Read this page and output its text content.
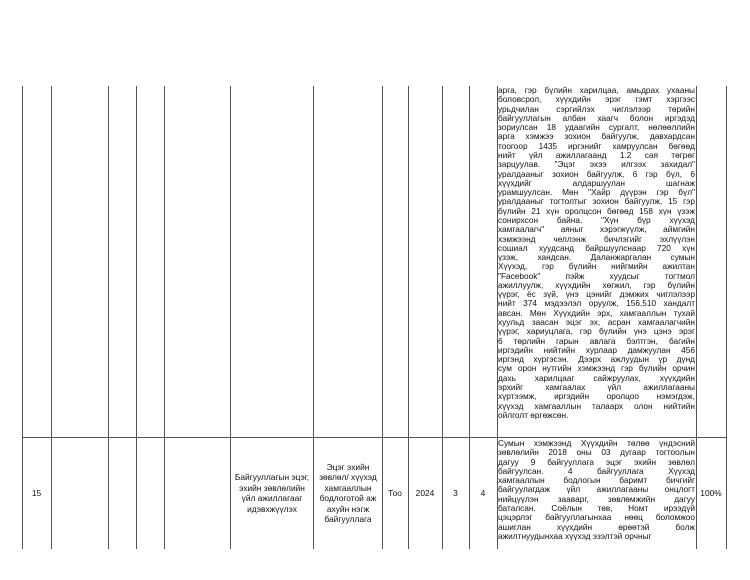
арга, гэр бүлийн харилцаа, амьдрах ухааны
боловсрол, хүүхдийн эрэг гэмт хэргээс
урьдчилан сэргийлэх чиглэлээр төрийн
байгууллагын албан хаагч болон иргэдэд
зориулсан 18 удаагийн сургалт, нөлөөллийн
арга хэмжээ зохион байгуулж, давхардсан
тоогоор 1435 иргэнийг хамруулсан бөгөөд
нийт үйл ажиллагаанд 1.2 сая төгрөг
зарцуулав. "Эцэг эхээ илгээх захидал"
уралдааныг зохион байгуулж, 6 гэр бүл, 6
хүүхдийг алдаршуулан шагнаж
урамшуулсан. Мөн "Хайр дүүрэн гэр бүл"
уралдааныг тогтолтыг зохион байгуулж, 15 гэр
бүлийн 21 хүн оролцсон бөгөөд 158 хүн үзэж
сонирхсон байна. "Хүн бүр хүүхэд
хамгаалагч" аяныг хэрэгжүүлж, аймгийн
хэмжээнд челлэнж бичлэгийг эхлүүлэн
сошиал хуудсанд байршуулснаар 720 хүн
үзэж, хандсан. Даланжаргалан сумын
Хүүхэд, гэр бүлийн нийгмийн ажилтан
"Facebook" пэйж хуудсыг тогтмол
ажиллуулж, хүүхдийн хөгжил, гэр бүлийн
үүрэг, ёс зүй, үнэ цэнийг дэмжих чиглэлээр
нийт 374 мэдээлэл оруулж, 156,510 хандалт
авсан. Мөн Хүүхдийн эрх, хамгааллын тухай
хуульд заасан эцэг эх, асран хамгаалагчийн
үүрэг, хариуцлага, гэр бүлийн үнэ цэнэ эрэг
6 төрлийн гарын авлага бэлтгэн, багийн
иргэдийн нийтийн хурлаар дамжуулан 456
иргэнд хүргэсэн. Дээрх ажлуудын үр дүнд
сум орон нутгийн хэмжээнд гэр бүлийн орчин
дахь харилцааг сайжруулах, хүүхдийн
эрхийг хамгаалах үйл ажиллагааны
хүртээмж, иргэдийн оролцоо нэмэгдэж,
хүүхэд хамгааллын талаарх олон нийтийн
ойлголт өргөжсөн.
15
Байгууллагын эцэг, эхийн зөвлөлийн үйл ажиллагааг идэвхжүүлэх
Эцэг эхийн зөвлөл/ хүүхэд хамгааллын бодлоготой аж ахуйн нэгж байгууллага
Тоо 2024 3	4	100%
Сумын хэмжээнд Хүүхдийн төлөө үндэсний
зөвлөлийн 2018 оны 03 дугаар тогтоолын
дагуу 9 байгууллага эцэг эхийн зөвлөл
байгуулсан. 4 байгууллага Хүүхэд
хамгааллын бодлогын баримт бичгийг
байгуулагдаж үйл ажиллагааны онцлогт
нийцүүлэн зааварг, зөвлөмжийн дагуу
баталсан. Соёлын төв, Номт ирээдүй
цэцэрлэг байгууллагынхаа нөөц боломжоо
ашиглан хүүхдийн өрөөтэй болж
ажилтнуудынхаа хүүхэд эзэлтэй орчныг
